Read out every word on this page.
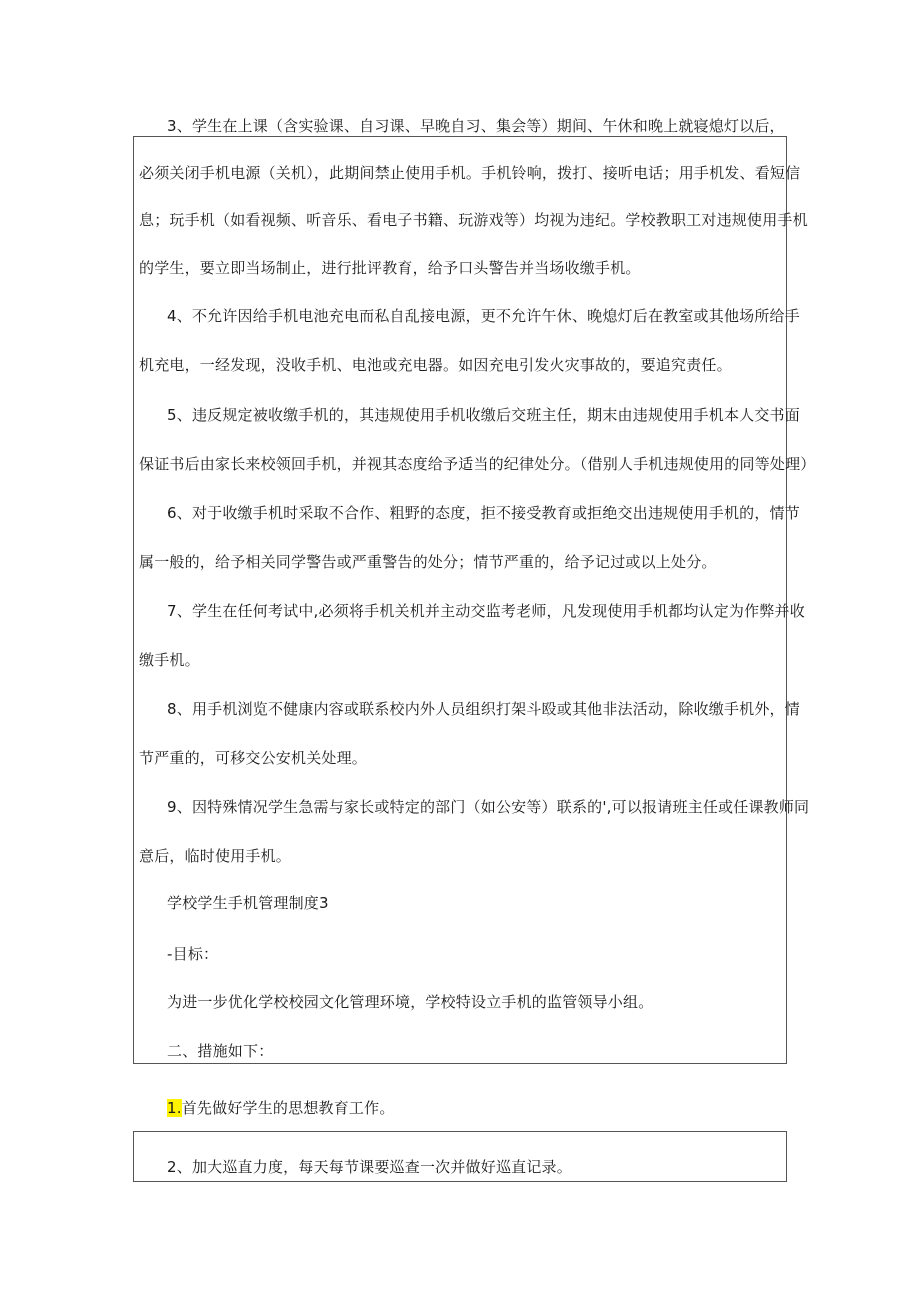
3、学生在上课（含实验课、自习课、早晚自习、集会等）期间、午休和晚上就寝熄灯以后，
必须关闭手机电源（关机），此期间禁止使用手机。手机铃响，拨打、接听电话；用手机发、看短信
息；玩手机（如看视频、听音乐、看电子书籍、玩游戏等）均视为违纪。学校教职工对违规使用手机
的学生，要立即当场制止，进行批评教育，给予口头警告并当场收缴手机。
4、不允许因给手机电池充电而私自乱接电源，更不允许午休、晚熄灯后在教室或其他场所给手
机充电，一经发现，没收手机、电池或充电器。如因充电引发火灾事故的，要追究责任。
5、违反规定被收缴手机的，其违规使用手机收缴后交班主任，期末由违规使用手机本人交书面
保证书后由家长来校领回手机，并视其态度给予适当的纪律处分。（借别人手机违规使用的同等处理）
6、对于收缴手机时采取不合作、粗野的态度，拒不接受教育或拒绝交出违规使用手机的，情节
属一般的，给予相关同学警告或严重警告的处分；情节严重的，给予记过或以上处分。
7、学生在任何考试中,必须将手机关机并主动交监考老师，凡发现使用手机都均认定为作弊并收
缴手机。
8、用手机浏览不健康内容或联系校内外人员组织打架斗殴或其他非法活动，除收缴手机外，情
节严重的，可移交公安机关处理。
9、因特殊情况学生急需与家长或特定的部门（如公安等）联系的',可以报请班主任或任课教师同
意后，临时使用手机。
学校学生手机管理制度3
-目标：
为进一步优化学校校园文化管理环境，学校特设立手机的监管领导小组。
二、措施如下：
1.首先做好学生的思想教育工作。
2、加大巡直力度，每天每节课要巡查一次并做好巡直记录。
